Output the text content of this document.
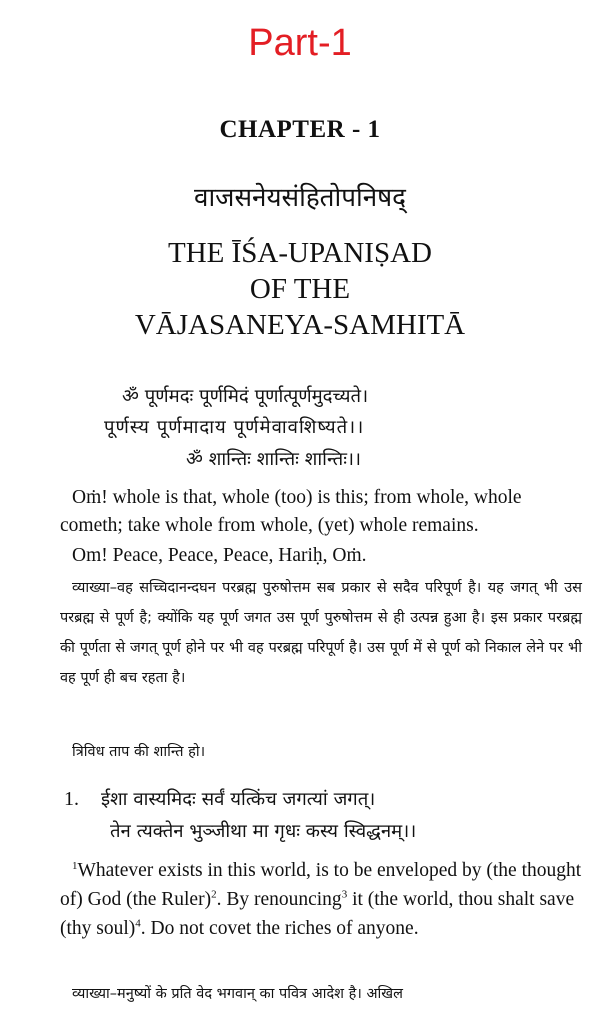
Part-1
CHAPTER - 1
वाजसनेयसंहितोपनिषद्
THE ĪŚA-UPANIṢAD
OF THE
VĀJASANEYA-SAMHITĀ
ॐ पूर्णमदः पूर्णमिदं पूर्णात्पूर्णमुदच्यते।
पूर्णस्य पूर्णमादाय पूर्णमेवावशिष्यते।।
ॐ शान्तिः शान्तिः शान्तिः।।
Oṁ! whole is that, whole (too) is this; from whole, whole cometh; take whole from whole, (yet) whole remains.
Om! Peace, Peace, Peace, Hariḥ, Oṁ.
व्याख्या–वह सच्चिदानन्दघन परब्रह्म पुरुषोत्तम सब प्रकार से सदैव परिपूर्ण है। यह जगत् भी उस परब्रह्म से पूर्ण है; क्योंकि यह पूर्ण जगत उस पूर्ण पुरुषोत्तम से ही उत्पन्न हुआ है। इस प्रकार परब्रह्म की पूर्णता से जगत् पूर्ण होने पर भी वह परब्रह्म परिपूर्ण है। उस पूर्ण में से पूर्ण को निकाल लेने पर भी वह पूर्ण ही बच रहता है।
त्रिविध ताप की शान्ति हो।
1. ईशा वास्यमिदः सर्वं यत्किंच जगत्यां जगत्।
तेन त्यक्तेन भुञ्जीथा मा गृधः कस्य स्विद्धनम्।।
$^1$Whatever exists in this world, is to be enveloped by (the thought of) God (the Ruler)$^2$. By renouncing$^3$ it (the world, thou shalt save (thy soul)$^4$. Do not covet the riches of anyone.
व्याख्या–मनुष्यों के प्रति वेद भगवान् का पवित्र आदेश है। अखिल
